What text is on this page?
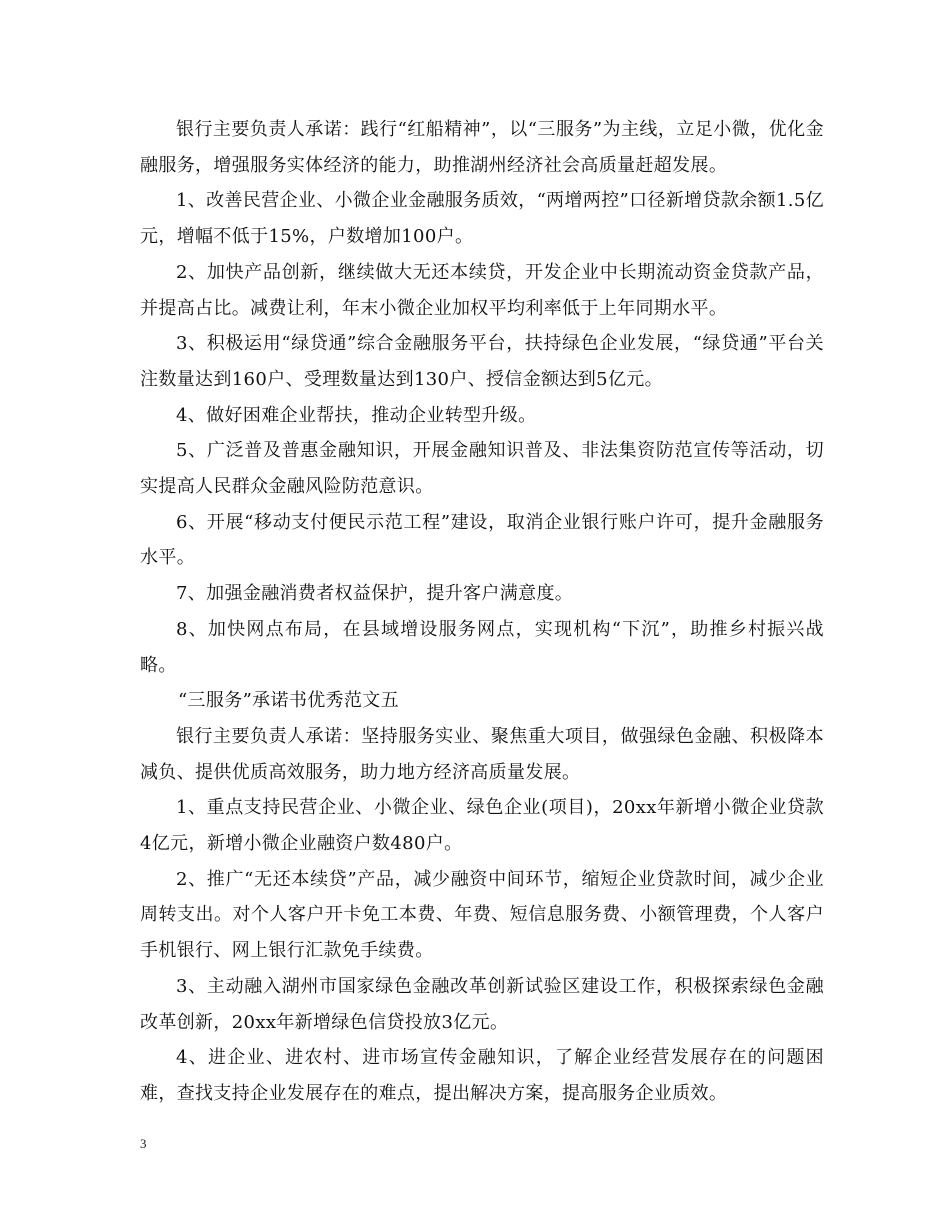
银行主要负责人承诺：践行“红船精神”，以“三服务”为主线，立足小微，优化金融服务，增强服务实体经济的能力，助推湖州经济社会高质量赶超发展。

1、改善民营企业、小微企业金融服务质效，“两增两控”口径新增贷款余额1.5亿元，增幅不低于15%，户数增加100户。

2、加快产品创新，继续做大无还本续贷，开发企业中长期流动资金贷款产品，并提高占比。减费让利，年末小微企业加权平均利率低于上年同期水平。

3、积极运用“绿贷通”综合金融服务平台，扶持绿色企业发展，“绿贷通”平台关注数量达到160户、受理数量达到130户、授信金额达到5亿元。

4、做好困难企业帮扶，推动企业转型升级。

5、广泛普及普惠金融知识，开展金融知识普及、非法集资防范宣传等活动，切实提高人民群众金融风险防范意识。

6、开展“移动支付便民示范工程”建设，取消企业银行账户许可，提升金融服务水平。

7、加强金融消费者权益保护，提升客户满意度。

8、加快网点布局，在县域增设服务网点，实现机构“下沉”，助推乡村振兴战略。

“三服务”承诺书优秀范文五

银行主要负责人承诺：坚持服务实业、聚焦重大项目，做强绿色金融、积极降本减负、提供优质高效服务，助力地方经济高质量发展。

1、重点支持民营企业、小微企业、绿色企业(项目)，20xx年新增小微企业贷款4亿元，新增小微企业融资户数480户。

2、推广“无还本续贷”产品，减少融资中间环节，缩短企业贷款时间，减少企业周转支出。对个人客户开卡免工本费、年费、短信息服务费、小额管理费，个人客户手机银行、网上银行汇款免手续费。

3、主动融入湖州市国家绿色金融改革创新试验区建设工作，积极探索绿色金融改革创新，20xx年新增绿色信贷投放3亿元。

4、进企业、进农村、进市场宣传金融知识，了解企业经营发展存在的问题困难，查找支持企业发展存在的难点，提出解决方案，提高服务企业质效。

3
